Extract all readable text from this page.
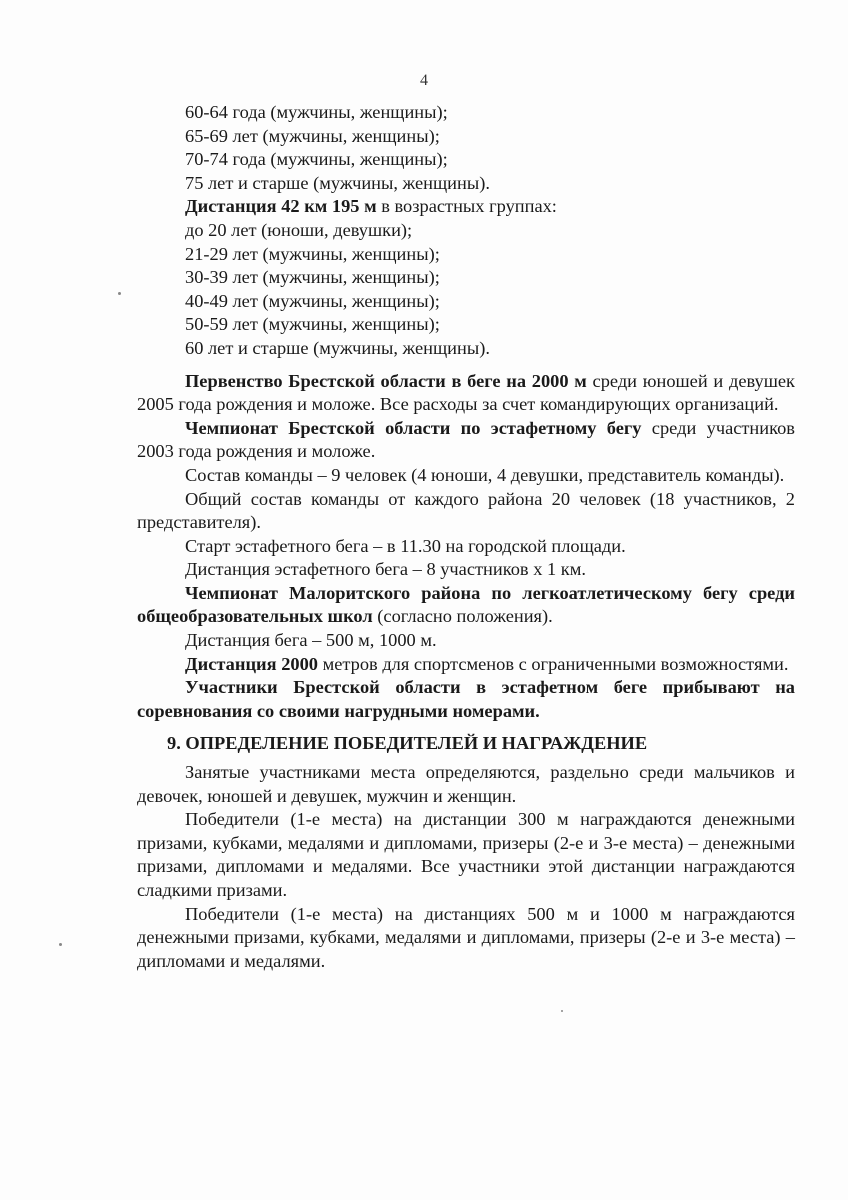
4
60-64 года (мужчины, женщины);
65-69 лет (мужчины, женщины);
70-74 года (мужчины, женщины);
75 лет и старше (мужчины, женщины).
Дистанция 42 км 195 м в возрастных группах:
до 20 лет (юноши, девушки);
21-29 лет (мужчины, женщины);
30-39 лет (мужчины, женщины);
40-49 лет (мужчины, женщины);
50-59 лет (мужчины, женщины);
60 лет и старше (мужчины, женщины).
Первенство Брестской области в беге на 2000 м среди юношей и девушек 2005 года рождения и моложе. Все расходы за счет командирующих организаций.
Чемпионат Брестской области по эстафетному бегу среди участников 2003 года рождения и моложе.
Состав команды – 9 человек (4 юноши, 4 девушки, представитель команды).
Общий состав команды от каждого района 20 человек (18 участников, 2 представителя).
Старт эстафетного бега – в 11.30 на городской площади.
Дистанция эстафетного бега – 8 участников х 1 км.
Чемпионат Малоритского района по легкоатлетическому бегу среди общеобразовательных школ (согласно положения).
Дистанция бега – 500 м, 1000 м.
Дистанция 2000 метров для спортсменов с ограниченными возможностями.
Участники Брестской области в эстафетном беге прибывают на соревнования со своими нагрудными номерами.
9. ОПРЕДЕЛЕНИЕ ПОБЕДИТЕЛЕЙ И НАГРАЖДЕНИЕ
Занятые участниками места определяются, раздельно среди мальчиков и девочек, юношей и девушек, мужчин и женщин.
Победители (1-е места) на дистанции 300 м награждаются денежными призами, кубками, медалями и дипломами, призеры (2-е и 3-е места) – денежными призами, дипломами и медалями. Все участники этой дистанции награждаются сладкими призами.
Победители (1-е места) на дистанциях 500 м и 1000 м награждаются денежными призами, кубками, медалями и дипломами, призеры (2-е и 3-е места) – дипломами и медалями.
